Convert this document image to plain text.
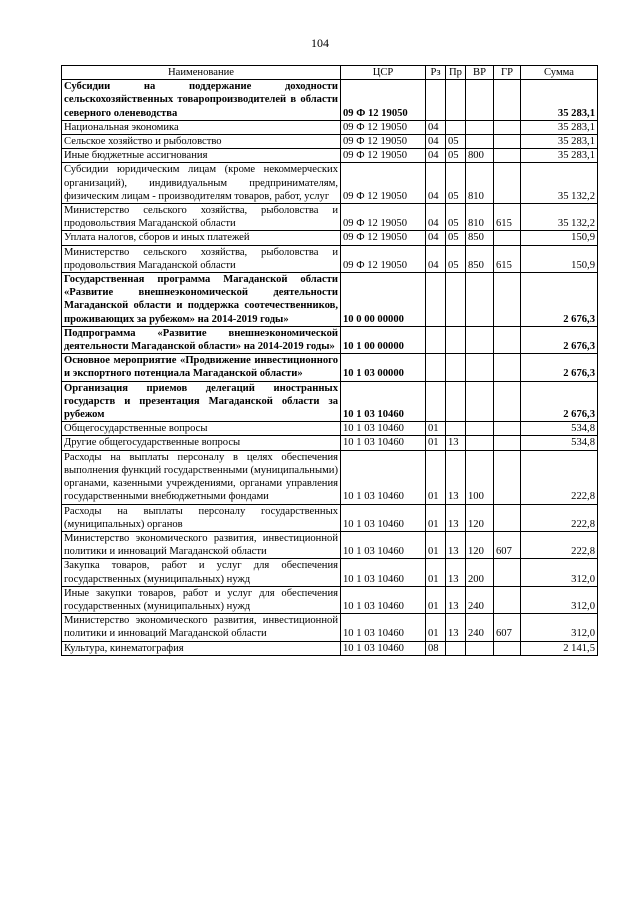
104
Наименование	ЦСР	Рз	Пр	ВР	ГР	Сумма
Субсидии на поддержание доходности сельскохозяйственных товаропроизводителей в области северного оленеводства	09 Ф 12 19050					35 283,1
Национальная экономика	09 Ф 12 19050	04				35 283,1
Сельское хозяйство и рыболовство	09 Ф 12 19050	04	05			35 283,1
Иные бюджетные ассигнования	09 Ф 12 19050	04	05	800		35 283,1
Субсидии юридическим лицам (кроме некоммерческих организаций), индивидуальным предпринимателям, физическим лицам - производителям товаров, работ, услуг	09 Ф 12 19050	04	05	810		35 132,2
Министерство сельского хозяйства, рыболовства и продовольствия Магаданской области	09 Ф 12 19050	04	05	810	615	35 132,2
Уплата налогов, сборов и иных платежей	09 Ф 12 19050	04	05	850		150,9
Министерство сельского хозяйства, рыболовства и продовольствия Магаданской области	09 Ф 12 19050	04	05	850	615	150,9
Государственная программа Магаданской области «Развитие внешнеэкономической деятельности Магаданской области и поддержка соотечественников, проживающих за рубежом» на 2014-2019 годы»	10 0 00 00000					2 676,3
Подпрограмма «Развитие внешнеэкономической деятельности Магаданской области» на 2014-2019 годы»	10 1 00 00000					2 676,3
Основное мероприятие «Продвижение инвестиционного и экспортного потенциала Магаданской области»	10 1 03 00000					2 676,3
Организация приемов делегаций иностранных государств и презентация Магаданской области за рубежом	10 1 03 10460					2 676,3
Общегосударственные вопросы	10 1 03 10460	01				534,8
Другие общегосударственные вопросы	10 1 03 10460	01	13			534,8
Расходы на выплаты персоналу в целях обеспечения выполнения функций государственными (муниципальными) органами, казенными учреждениями, органами управления государственными внебюджетными фондами	10 1 03 10460	01	13	100		222,8
Расходы на выплаты персоналу государственных (муниципальных) органов	10 1 03 10460	01	13	120		222,8
Министерство экономического развития, инвестиционной политики и инноваций Магаданской области	10 1 03 10460	01	13	120	607	222,8
Закупка товаров, работ и услуг для обеспечения государственных (муниципальных) нужд	10 1 03 10460	01	13	200		312,0
Иные закупки товаров, работ и услуг для обеспечения государственных (муниципальных) нужд	10 1 03 10460	01	13	240		312,0
Министерство экономического развития, инвестиционной политики и инноваций Магаданской области	10 1 03 10460	01	13	240	607	312,0
Культура, кинематография	10 1 03 10460	08				2 141,5
